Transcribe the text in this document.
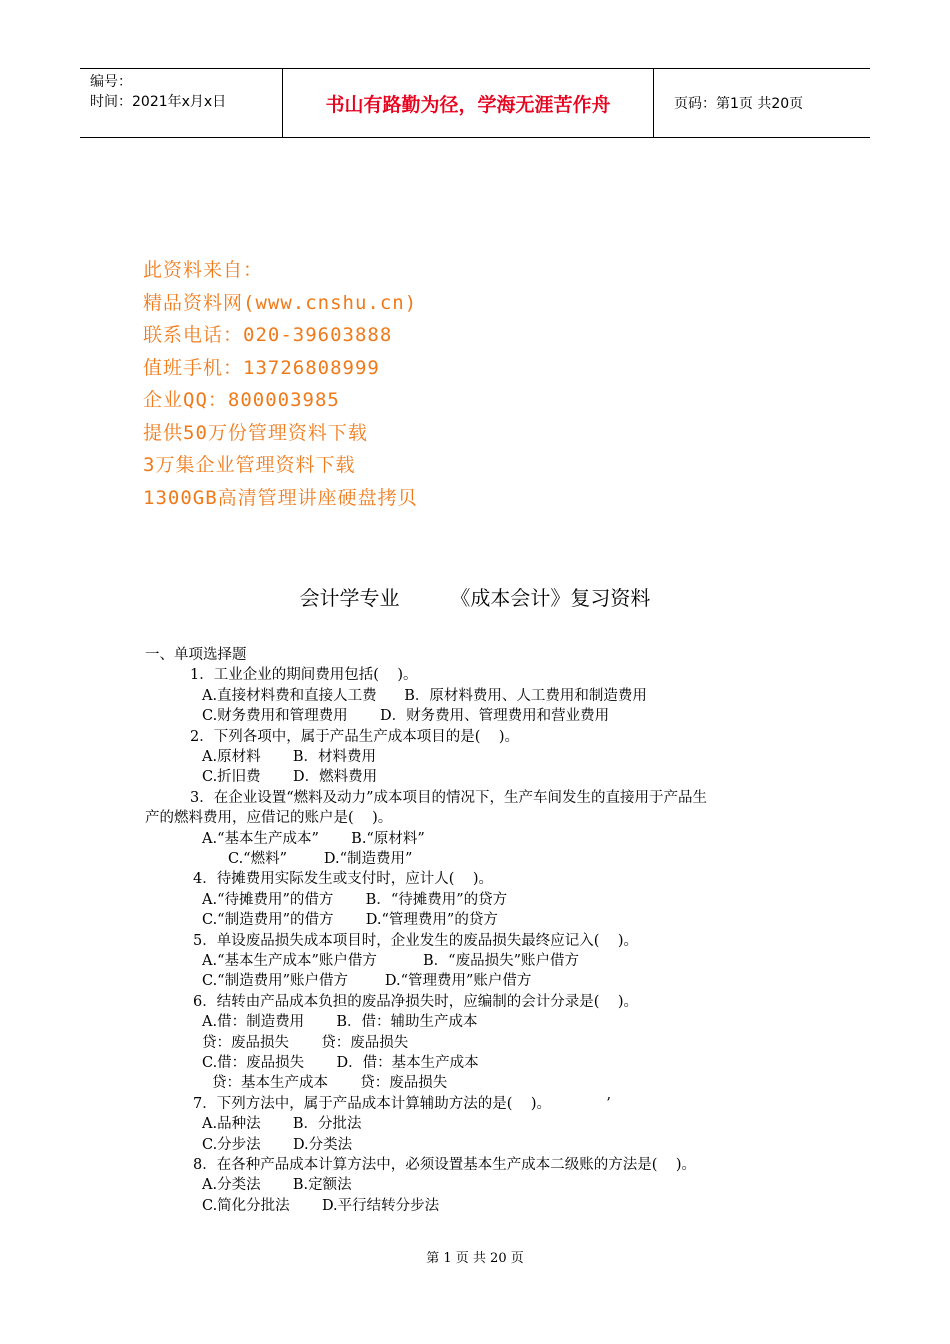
编号：
时间：2021年x月x日	书山有路勤为径，学海无涯苦作舟	页码：第1页 共20页
此资料来自：
精品资料网(www.cnshu.cn)
联系电话：020-39603888
值班手机：13726808999
企业QQ：800003985
提供50万份管理资料下载
3万集企业管理资料下载
1300GB高清管理讲座硬盘拷贝
会计学专业        《成本会计》复习资料
一、单项选择题
1．工业企业的期间费用包括(    )。
A.直接材料费和直接人工费      B．原材料费用、人工费用和制造费用
C.财务费用和管理费用       D．财务费用、管理费用和营业费用
2．下列各项中，属于产品生产成本项目的是(    )。
A.原材料       B．材料费用
C.折旧费       D．燃料费用
3．在企业设置“燃料及动力”成本项目的情况下，生产车间发生的直接用于产品生
产的燃料费用，应借记的账户是(    )。
A.“基本生产成本”       B.“原材料”
C.“燃料”        D.“制造费用”
4．待摊费用实际发生或支付时，应计人(    )。
A.“待摊费用”的借方       B．“待摊费用”的贷方
C.“制造费用”的借方       D.“管理费用”的贷方
5．单设废品损失成本项目时，企业发生的废品损失最终应记入(    )。
A.“基本生产成本”账户借方          B．“废品损失”账户借方
C.“制造费用”账户借方        D.“管理费用”账户借方
6．结转由产品成本负担的废品净损失时，应编制的会计分录是(    )。
A.借：制造费用       B．借：辅助生产成本
贷：废品损失       贷：废品损失
C.借：废品损失       D．借：基本生产成本
贷：基本生产成本       贷：废品损失
7．下列方法中，属于产品成本计算辅助方法的是(    )。            ’
A.品种法       B．分批法
C.分步法       D.分类法
8．在各种产品成本计算方法中，必须设置基本生产成本二级账的方法是(    )。
A.分类法       B.定额法
C.简化分批法       D.平行结转分步法
第 1 页 共 20 页
